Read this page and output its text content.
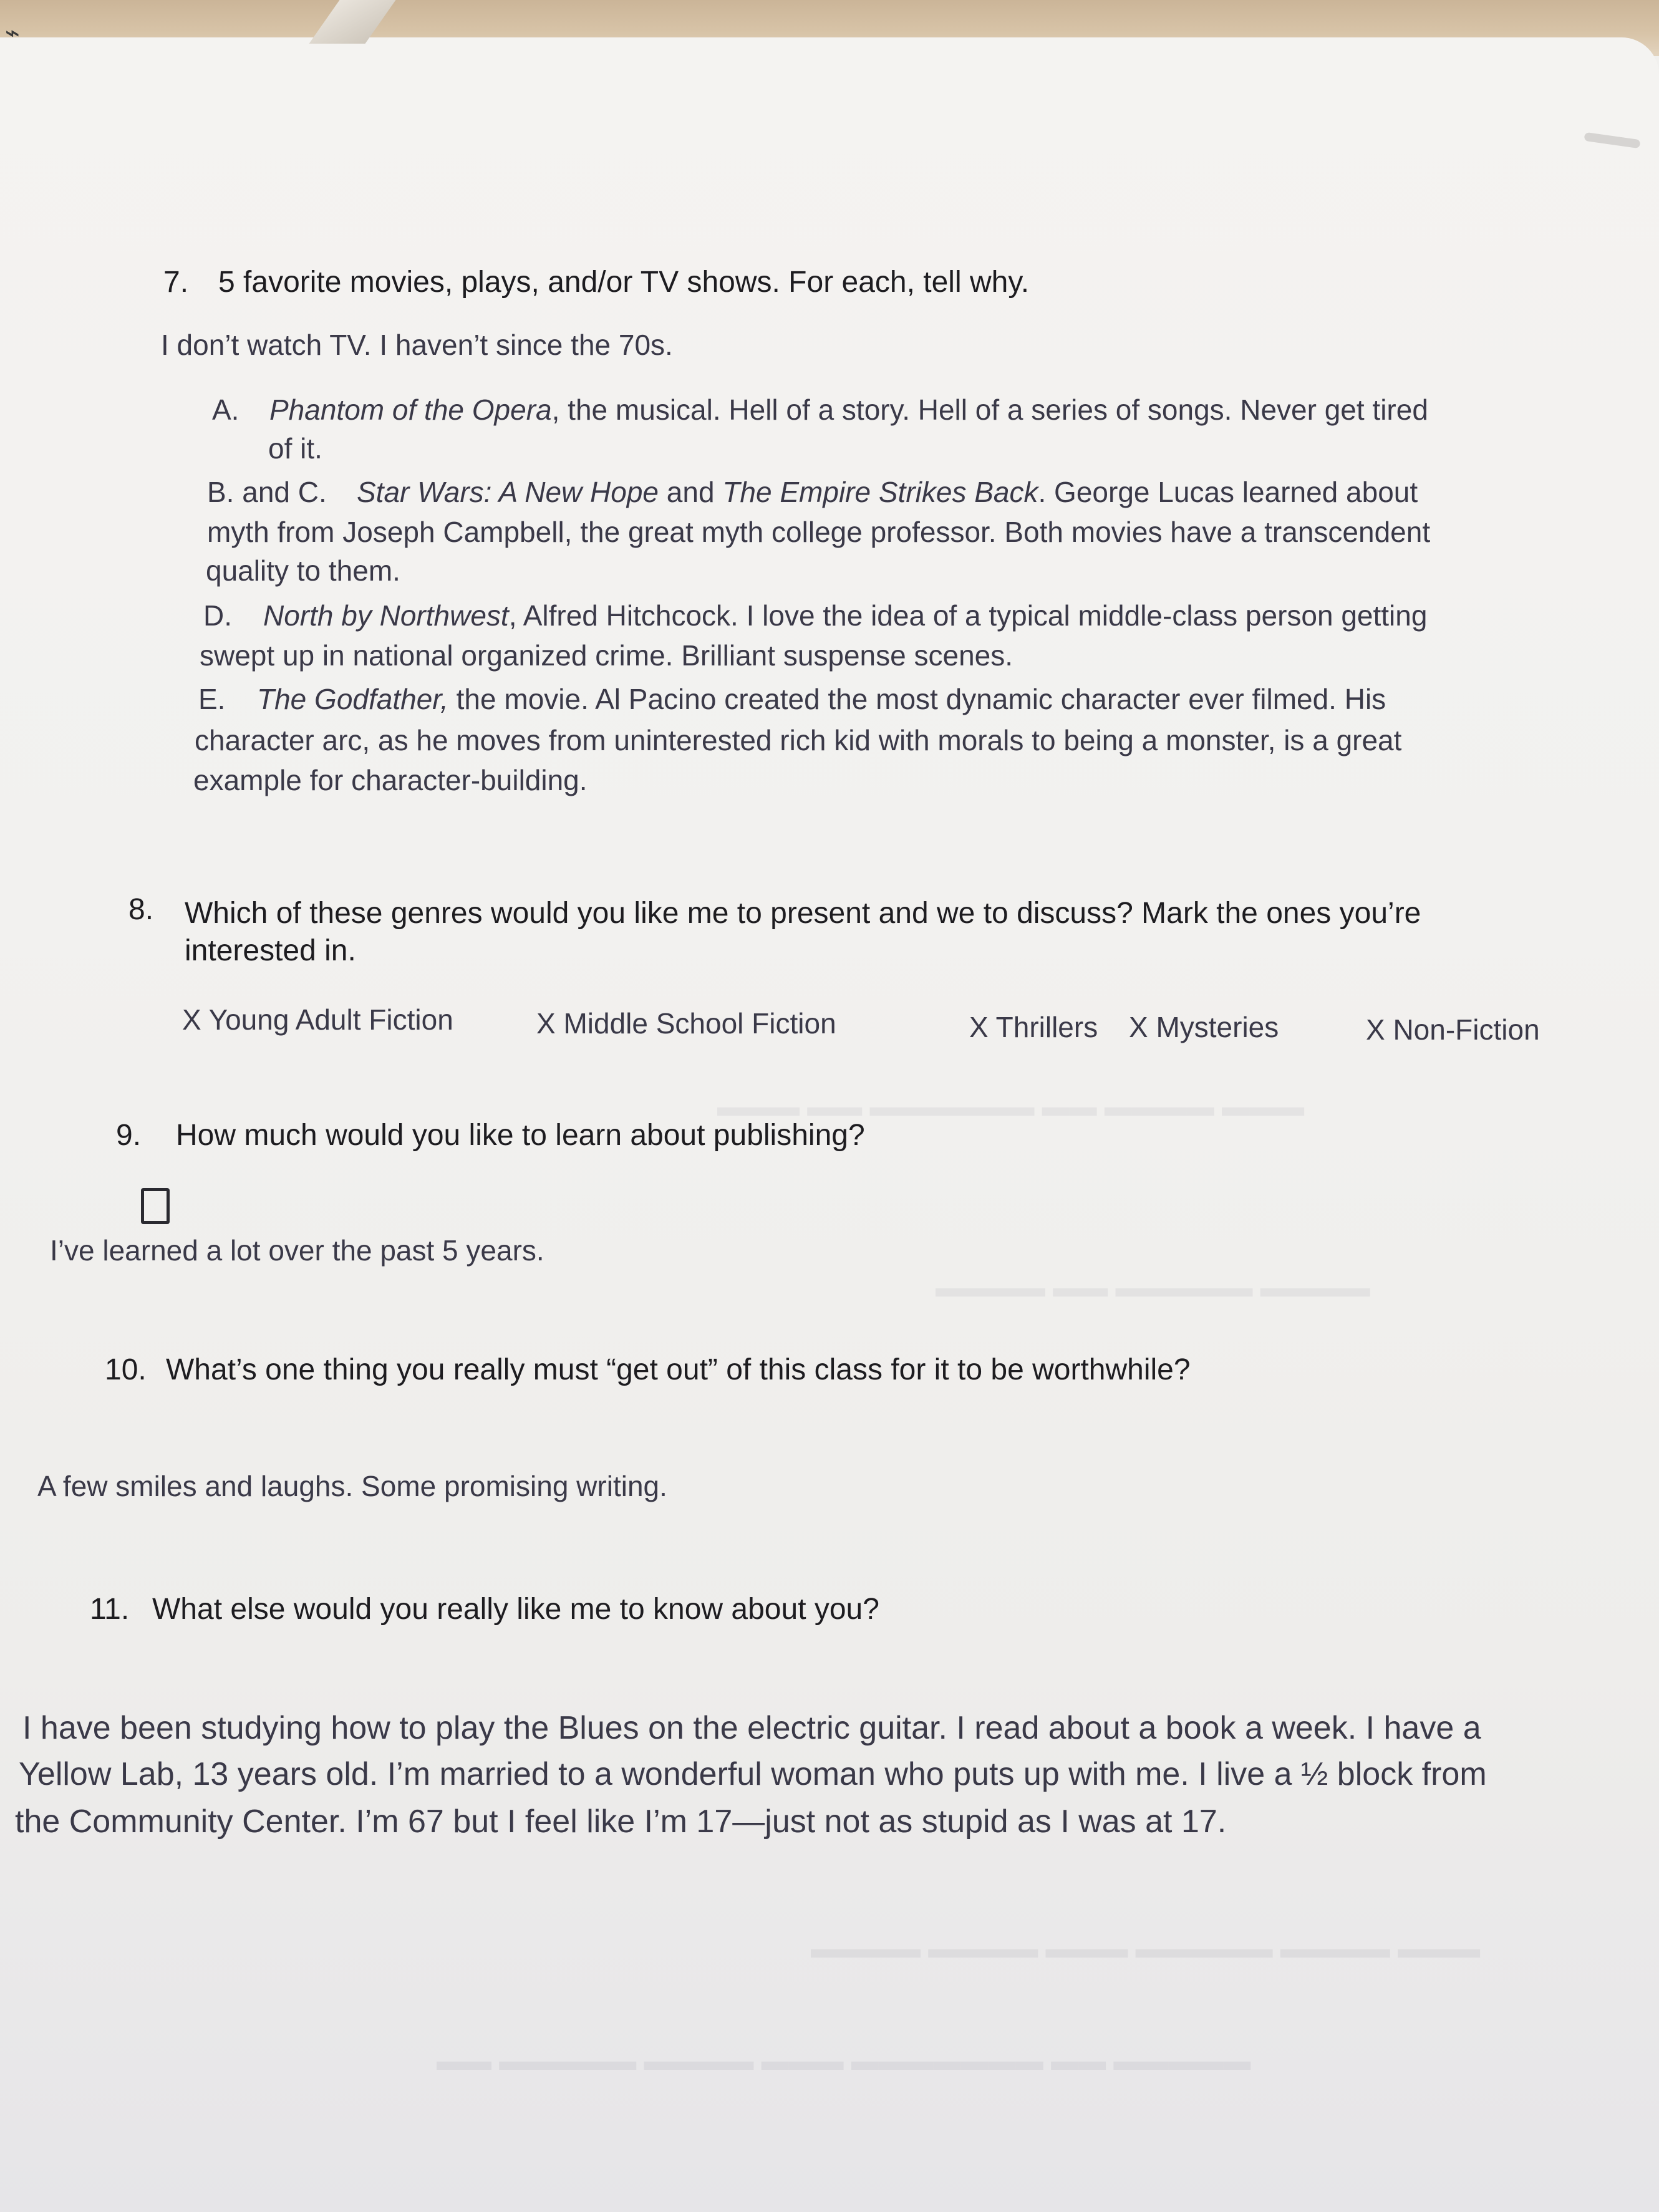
⌁
▬▬▬ ▬▬▬▬ ▬▬ ▬▬▬▬▬▬ ▬▬ ▬▬▬
▬▬▬▬ ▬▬▬▬▬ ▬▬ ▬▬▬▬
▬▬▬ ▬▬▬▬ ▬▬▬▬▬ ▬▬▬ ▬▬▬▬ ▬▬▬▬
▬▬▬▬▬ ▬▬ ▬▬▬▬▬▬▬ ▬▬▬ ▬▬▬▬ ▬▬▬▬▬ ▬▬
7. 5 favorite movies, plays, and/or TV shows. For each, tell why.
I don’t watch TV. I haven’t since the 70s.
A. Phantom of the Opera, the musical. Hell of a story. Hell of a series of songs. Never get tired
of it.
B. and C. Star Wars: A New Hope and The Empire Strikes Back. George Lucas learned about
myth from Joseph Campbell, the great myth college professor. Both movies have a transcendent
quality to them.
D. North by Northwest, Alfred Hitchcock. I love the idea of a typical middle-class person getting
swept up in national organized crime. Brilliant suspense scenes.
E. The Godfather, the movie. Al Pacino created the most dynamic character ever filmed. His
character arc, as he moves from uninterested rich kid with morals to being a monster, is a great
example for character-building.
8. Which of these genres would you like me to present and we to discuss? Mark the ones you’re
interested in.
X Young Adult Fiction	X Middle School Fiction	X Thrillers X Mysteries	X Non-Fiction
9. How much would you like to learn about publishing?
I’ve learned a lot over the past 5 years.
10. What’s one thing you really must “get out” of this class for it to be worthwhile?
A few smiles and laughs. Some promising writing.
11. What else would you really like me to know about you?
I have been studying how to play the Blues on the electric guitar. I read about a book a week. I have a
Yellow Lab, 13 years old. I’m married to a wonderful woman who puts up with me. I live a ½ block from
the Community Center. I’m 67 but I feel like I’m 17—just not as stupid as I was at 17.
